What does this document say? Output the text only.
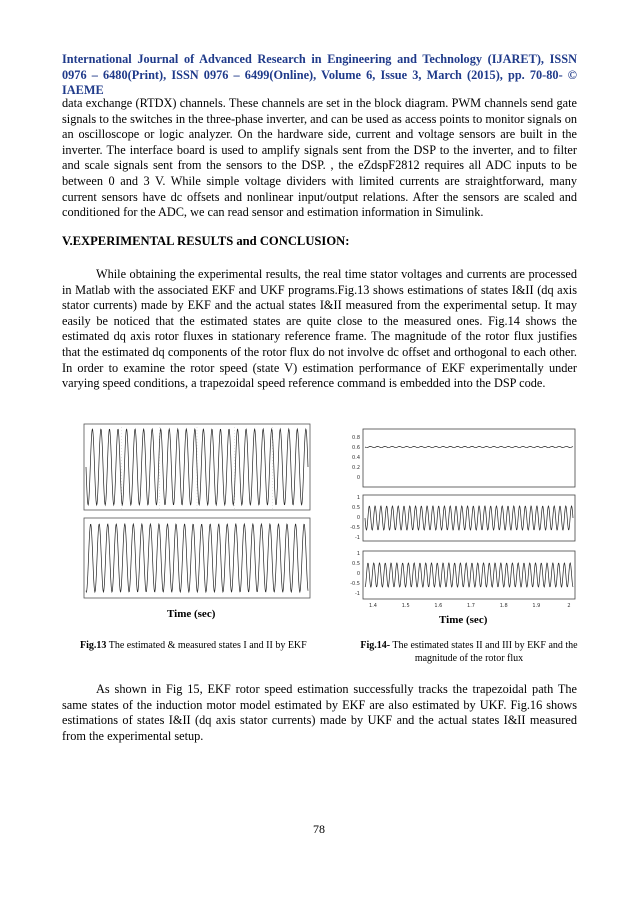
International Journal of Advanced Research in Engineering and Technology (IJARET), ISSN 0976 – 6480(Print), ISSN 0976 – 6499(Online), Volume 6, Issue 3, March (2015), pp. 70-80- © IAEME

data exchange (RTDX) channels. These channels are set in the block diagram. PWM channels send gate signals to the switches in the three-phase inverter, and can be used as access points to monitor signals on an oscilloscope or logic analyzer. On the hardware side, current and voltage sensors are built in the inverter. The interface board is used to amplify signals sent from the DSP to the inverter, and to filter and scale signals sent from the sensors to the DSP. , the eZdspF2812 requires all ADC inputs to be between 0 and 3 V. While simple voltage dividers with limited currents are straightforward, many current sensors have dc offsets and nonlinear input/output relations. After the sensors are scaled and conditioned for the ADC, we can read sensor and estimation information in Simulink.

V.EXPERIMENTAL RESULTS and CONCLUSION:

While obtaining the experimental results, the real time stator voltages and currents are processed in Matlab with the associated EKF and UKF programs.Fig.13 shows estimations of states I&II (dq axis stator currents) made by EKF and the actual states I&II measured from the experimental setup. It may easily be noticed that the estimated states are quite close to the measured ones. Fig.14 shows the estimated dq axis rotor fluxes in stationary reference frame. The magnitude of the rotor flux justifies that the estimated dq components of the rotor flux do not involve dc offset and orthogonal to each other. In order to examine the rotor speed (state V) estimation performance of EKF experimentally under varying speed conditions, a trapezoidal speed reference command is embedded into the DSP code.

Time (sec)
1.4	1.5	1.6	1.7	1.8	1.9	2
0.8
0.6
0.4
0.2
0
1
0.5
0
-0.5
-1
1
0.5
0
-0.5
-1
Time (sec)
Fig.13 The estimated & measured states I and II by EKF	Fig.14- The estimated states II and III by EKF and the magnitude of the rotor flux

As shown in Fig 15, EKF rotor speed estimation successfully tracks the trapezoidal path The same states of the induction motor model estimated by EKF are also estimated by UKF. Fig.16 shows estimations of states I&II (dq axis stator currents) made by UKF and the actual states I&II measured from the experimental setup.

78
